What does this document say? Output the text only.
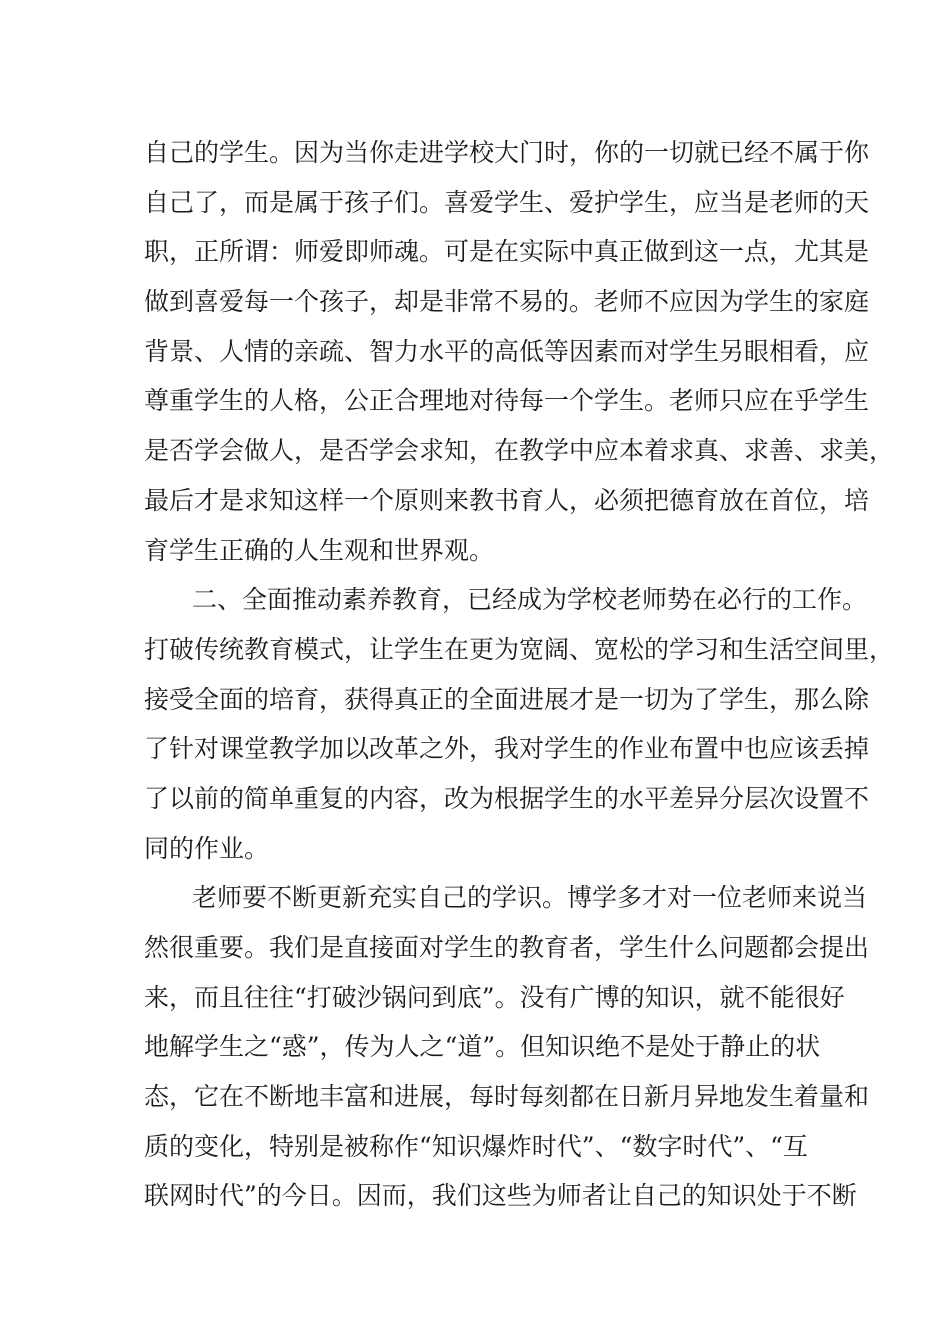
自己的学生。因为当你走进学校大门时，你的一切就已经不属于你
自己了，而是属于孩子们。喜爱学生、爱护学生，应当是老师的天
职，正所谓：师爱即师魂。可是在实际中真正做到这一点，尤其是
做到喜爱每一个孩子，却是非常不易的。老师不应因为学生的家庭
背景、人情的亲疏、智力水平的高低等因素而对学生另眼相看，应
尊重学生的人格，公正合理地对待每一个学生。老师只应在乎学生
是否学会做人，是否学会求知，在教学中应本着求真、求善、求美，
最后才是求知这样一个原则来教书育人，必须把德育放在首位，培
育学生正确的人生观和世界观。
二、全面推动素养教育，已经成为学校老师势在必行的工作。
打破传统教育模式，让学生在更为宽阔、宽松的学习和生活空间里，
接受全面的培育，获得真正的全面进展才是一切为了学生，那么除
了针对课堂教学加以改革之外，我对学生的作业布置中也应该丢掉
了以前的简单重复的内容，改为根据学生的水平差异分层次设置不
同的作业。
老师要不断更新充实自己的学识。博学多才对一位老师来说当
然很重要。我们是直接面对学生的教育者，学生什么问题都会提出
来，而且往往“打破沙锅问到底”。没有广博的知识，就不能很好
地解学生之“惑”，传为人之“道”。但知识绝不是处于静止的状
态，它在不断地丰富和进展，每时每刻都在日新月异地发生着量和
质的变化，特别是被称作“知识爆炸时代”、“数字时代”、“互
联网时代”的今日。因而，我们这些为师者让自己的知识处于不断
